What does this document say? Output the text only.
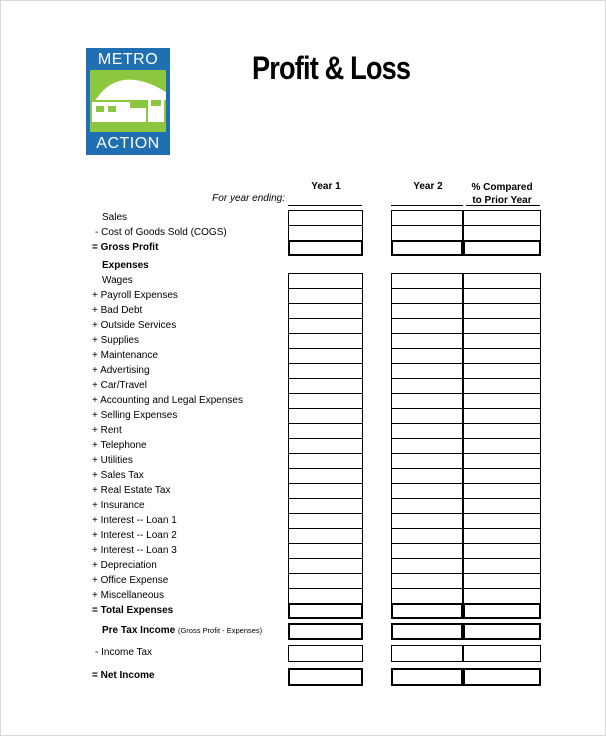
METRO
ACTION
Profit & Loss
Year 1	Year 2	% Compared
to Prior Year
For year ending:
Sales
- Cost of Goods Sold (COGS)
= Gross Profit
Expenses
Wages
+ Payroll Expenses
+ Bad Debt
+ Outside Services
+ Supplies
+ Maintenance
+ Advertising
+ Car/Travel
+ Accounting and Legal Expenses
+ Selling Expenses
+ Rent
+ Telephone
+ Utilities
+ Sales Tax
+ Real Estate Tax
+ Insurance
+ Interest -- Loan 1
+ Interest -- Loan 2
+ Interest -- Loan 3
+ Depreciation
+ Office Expense
+ Miscellaneous
= Total Expenses
Pre Tax Income (Gross Profit - Expenses)
- Income Tax
= Net Income
